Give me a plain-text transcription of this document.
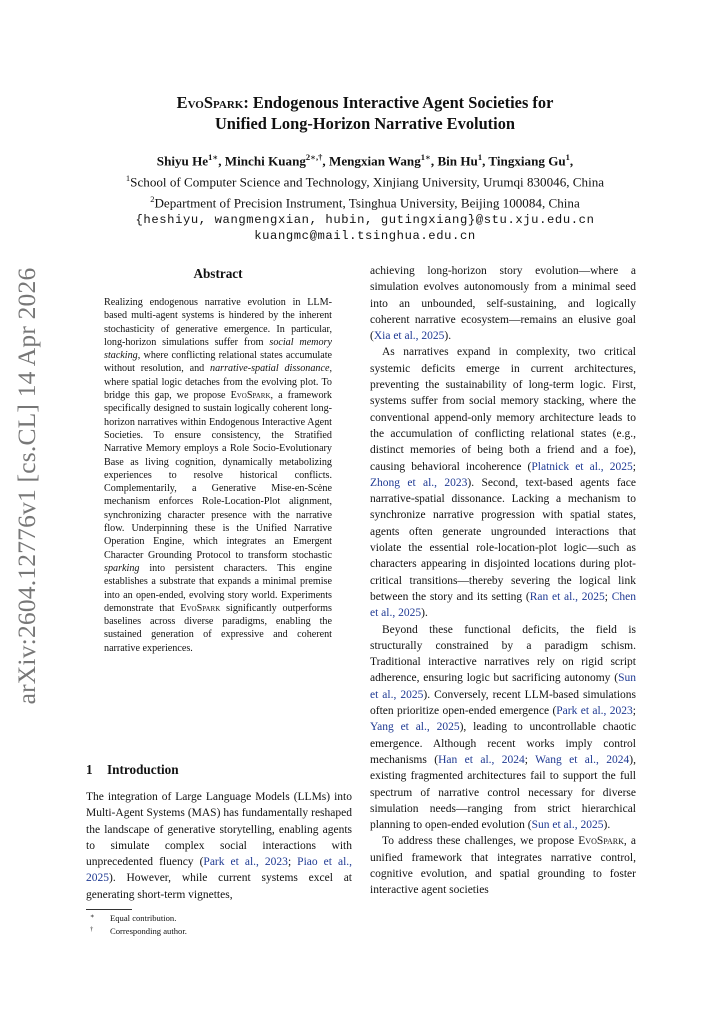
arXiv:2604.12776v1 [cs.CL] 14 Apr 2026
EvoSpark: Endogenous Interactive Agent Societies for
Unified Long-Horizon Narrative Evolution
Shiyu $He^{1∗}$, Minchi Kuang$^{2∗,\dagger}$, Mengxian Wang$^{1∗}$, Bin Hu$^1$, Tingxiang Gu$^1$,
$^1$School of Computer Science and Technology, Xinjiang University, Urumqi 830046, China
$^2$Department of Precision Instrument, Tsinghua University, Beijing 100084, China
{heshiyu, wangmengxian, hubin, gutingxiang}@stu.xju.edu.cn
kuangmc@mail.tsinghua.edu.cn
Abstract

Realizing endogenous narrative evolution in LLM-based multi-agent systems is hindered by the inherent stochasticity of generative emergence. In particular, long-horizon simulations suffer from social memory stacking, where conflicting relational states accumulate without resolution, and narrative-spatial dissonance, where spatial logic detaches from the evolving plot. To bridge this gap, we propose EvoSpark, a framework specifically designed to sustain logically coherent long-horizon narratives within Endogenous Interactive Agent Societies. To ensure consistency, the Stratified Narrative Memory employs a Role Socio-Evolutionary Base as living cognition, dynamically metabolizing experiences to resolve historical conflicts. Complementarily, a Generative Mise-en-Scène mechanism enforces Role-Location-Plot alignment, synchronizing character presence with the narrative flow. Underpinning these is the Unified Narrative Operation Engine, which integrates an Emergent Character Grounding Protocol to transform stochastic sparking into persistent characters. This engine establishes a substrate that expands a minimal premise into an open-ended, evolving story world. Experiments demonstrate that EvoSpark significantly outperforms baselines across diverse paradigms, enabling the sustained generation of expressive and coherent narrative experiences.

1 Introduction

The integration of Large Language Models (LLMs) into Multi-Agent Systems (MAS) has fundamentally reshaped the landscape of generative storytelling, enabling agents to simulate complex social interactions with unprecedented fluency (Park et al., 2023; Piao et al., 2025). However, while current systems excel at generating short-term vignettes,

∗ Equal contribution.
† Corresponding author.

achieving long-horizon story evolution—where a simulation evolves autonomously from a minimal seed into an unbounded, self-sustaining, and logically coherent narrative ecosystem—remains an elusive goal (Xia et al., 2025).

As narratives expand in complexity, two critical systemic deficits emerge in current architectures, preventing the sustainability of long-term logic. First, systems suffer from social memory stacking, where the conventional append-only memory architecture leads to the accumulation of conflicting relational states (e.g., distinct memories of being both a friend and a foe), causing behavioral incoherence (Platnick et al., 2025; Zhong et al., 2023). Second, text-based agents face narrative-spatial dissonance. Lacking a mechanism to synchronize narrative progression with spatial states, agents often generate ungrounded interactions that violate the essential role-location-plot logic—such as characters appearing in disjointed locations during plot-critical transitions—thereby severing the logical link between the story and its setting (Ran et al., 2025; Chen et al., 2025).

Beyond these functional deficits, the field is structurally constrained by a paradigm schism. Traditional interactive narratives rely on rigid script adherence, ensuring logic but sacrificing autonomy (Sun et al., 2025). Conversely, recent LLM-based simulations often prioritize open-ended emergence (Park et al., 2023; Yang et al., 2025), leading to uncontrollable chaotic emergence. Although recent works imply control mechanisms (Han et al., 2024; Wang et al., 2024), existing fragmented architectures fail to support the full spectrum of narrative control necessary for diverse simulation needs—ranging from strict hierarchical planning to open-ended evolution (Sun et al., 2025).

To address these challenges, we propose EvoSpark, a unified framework that integrates narrative control, cognitive evolution, and spatial grounding to foster interactive agent societies
